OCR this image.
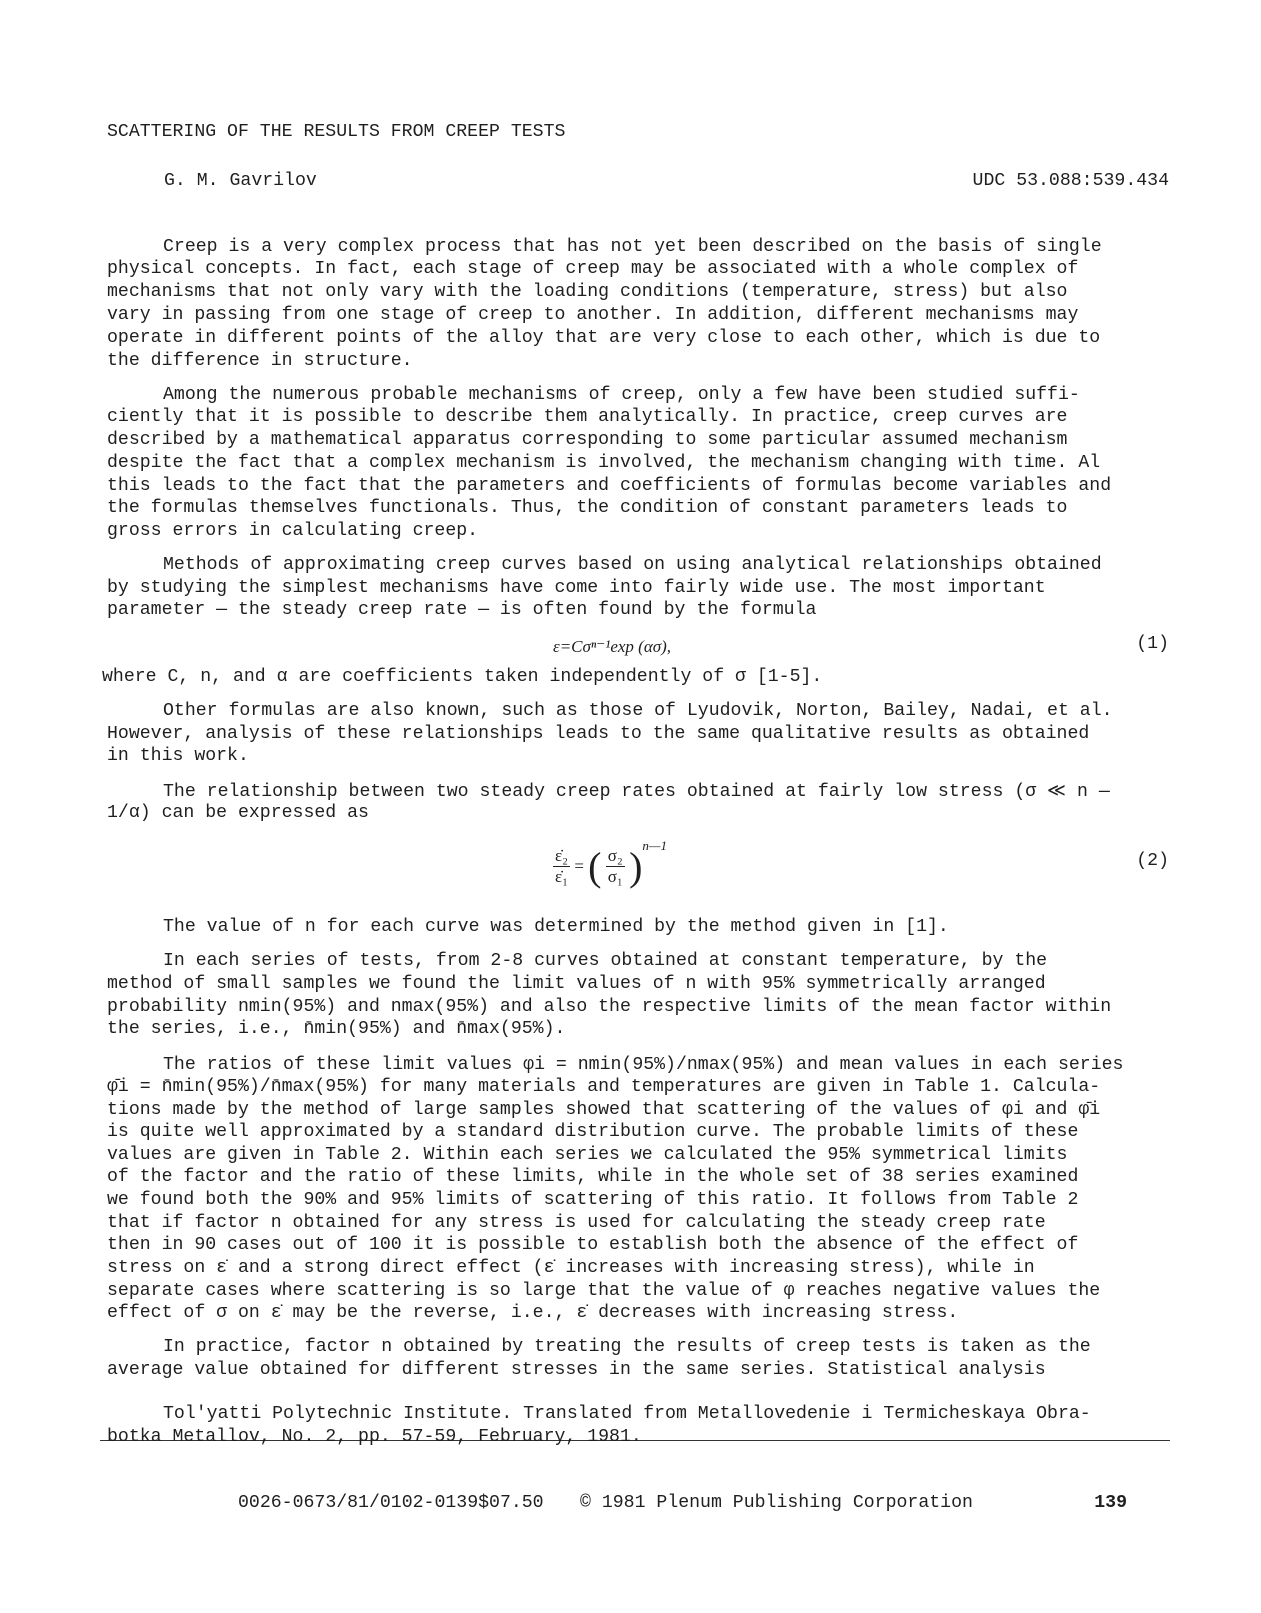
SCATTERING OF THE RESULTS FROM CREEP TESTS
G. M. Gavrilov	UDC 53.088:539.434
Creep is a very complex process that has not yet been described on the basis of single
physical concepts. In fact, each stage of creep may be associated with a whole complex of
mechanisms that not only vary with the loading conditions (temperature, stress) but also
vary in passing from one stage of creep to another. In addition, different mechanisms may
operate in different points of the alloy that are very close to each other, which is due to
the difference in structure.
Among the numerous probable mechanisms of creep, only a few have been studied suffi-
ciently that it is possible to describe them analytically. In practice, creep curves are
described by a mathematical apparatus corresponding to some particular assumed mechanism
despite the fact that a complex mechanism is involved, the mechanism changing with time. Al
this leads to the fact that the parameters and coefficients of formulas become variables and
the formulas themselves functionals. Thus, the condition of constant parameters leads to
gross errors in calculating creep.
Methods of approximating creep curves based on using analytical relationships obtained
by studying the simplest mechanisms have come into fairly wide use. The most important
parameter — the steady creep rate — is often found by the formula
ε=Cσⁿ⁻¹exp (ασ),	(1)
where C, n, and α are coefficients taken independently of σ [1-5].
Other formulas are also known, such as those of Lyudovik, Norton, Bailey, Nadai, et al.
However, analysis of these relationships leads to the same qualitative results as obtained
in this work.
The relationship between two steady creep rates obtained at fairly low stress (σ ≪ n —
1/α) can be expressed as
$\frac{\text{ε̇₂}}{\text{ε̇₁}}$ = ( $\frac{\text{σ₂}}{\text{σ₁}} )^{n—1}$
(2)
The value of n for each curve was determined by the method given in [1].
In each series of tests, from 2-8 curves obtained at constant temperature, by the
method of small samples we found the limit values of n with 95% symmetrically arranged
probability nmin(95%) and nmax(95%) and also the respective limits of the mean factor within
the series, i.e., n̄min(95%) and n̄max(95%).
The ratios of these limit values φi = nmin(95%)/nmax(95%) and mean values in each series
φ̄i = n̄min(95%)/n̄max(95%) for many materials and temperatures are given in Table 1. Calcula-
tions made by the method of large samples showed that scattering of the values of φi and φ̄i
is quite well approximated by a standard distribution curve. The probable limits of these
values are given in Table 2. Within each series we calculated the 95% symmetrical limits
of the factor and the ratio of these limits, while in the whole set of 38 series examined
we found both the 90% and 95% limits of scattering of this ratio. It follows from Table 2
that if factor n obtained for any stress is used for calculating the steady creep rate
then in 90 cases out of 100 it is possible to establish both the absence of the effect of
stress on ε̇ and a strong direct effect (ε̇ increases with increasing stress), while in
separate cases where scattering is so large that the value of φ reaches negative values the
effect of σ on ε̇ may be the reverse, i.e., ε̇ decreases with increasing stress.
In practice, factor n obtained by treating the results of creep tests is taken as the
average value obtained for different stresses in the same series. Statistical analysis
Tol'yatti Polytechnic Institute. Translated from Metallovedenie i Termicheskaya Obra-
botka Metallov, No. 2, pp. 57-59, February, 1981.
0026-0673/81/0102-0139$07.50 © 1981 Plenum Publishing Corporation	139
